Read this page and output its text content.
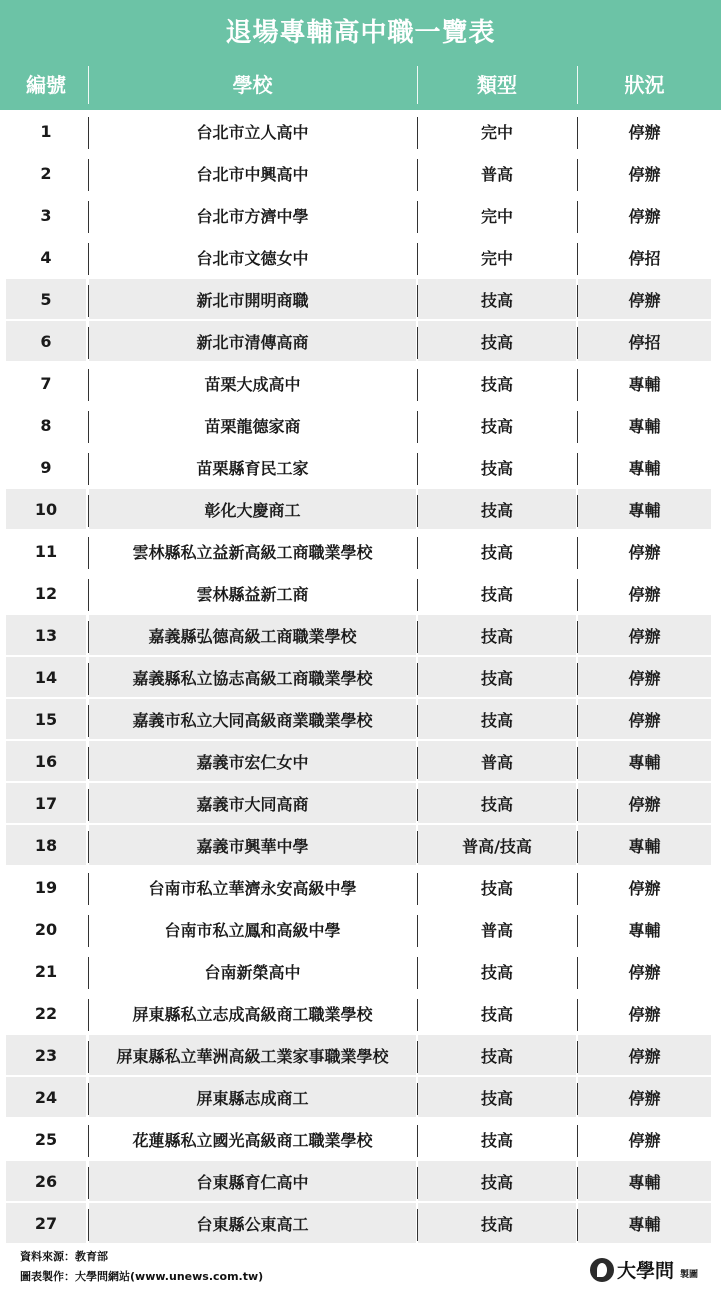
退場專輔高中職一覽表
編號	學校	類型	狀況
1	台北市立人高中	完中	停辦
2	台北市中興高中	普高	停辦
3	台北市方濟中學	完中	停辦
4	台北市文德女中	完中	停招
5	新北市開明商職	技高	停辦
6	新北市清傳高商	技高	停招
7	苗栗大成高中	技高	專輔
8	苗栗龍德家商	技高	專輔
9	苗栗縣育民工家	技高	專輔
10	彰化大慶商工	技高	專輔
11	雲林縣私立益新高級工商職業學校	技高	停辦
12	雲林縣益新工商	技高	停辦
13	嘉義縣弘德高級工商職業學校	技高	停辦
14	嘉義縣私立協志高級工商職業學校	技高	停辦
15	嘉義市私立大同高級商業職業學校	技高	停辦
16	嘉義市宏仁女中	普高	專輔
17	嘉義市大同高商	技高	停辦
18	嘉義市興華中學	普高/技高	專輔
19	台南市私立華濟永安高級中學	技高	停辦
20	台南市私立鳳和高級中學	普高	專輔
21	台南新榮高中	技高	停辦
22	屏東縣私立志成高級商工職業學校	技高	停辦
23	屏東縣私立華洲高級工業家事職業學校	技高	停辦
24	屏東縣志成商工	技高	停辦
25	花蓮縣私立國光高級商工職業學校	技高	停辦
26	台東縣育仁高中	技高	專輔
27	台東縣公東高工	技高	專輔
資料來源：教育部
圖表製作：大學問網站(www.unews.com.tw)	大學問 製圖
